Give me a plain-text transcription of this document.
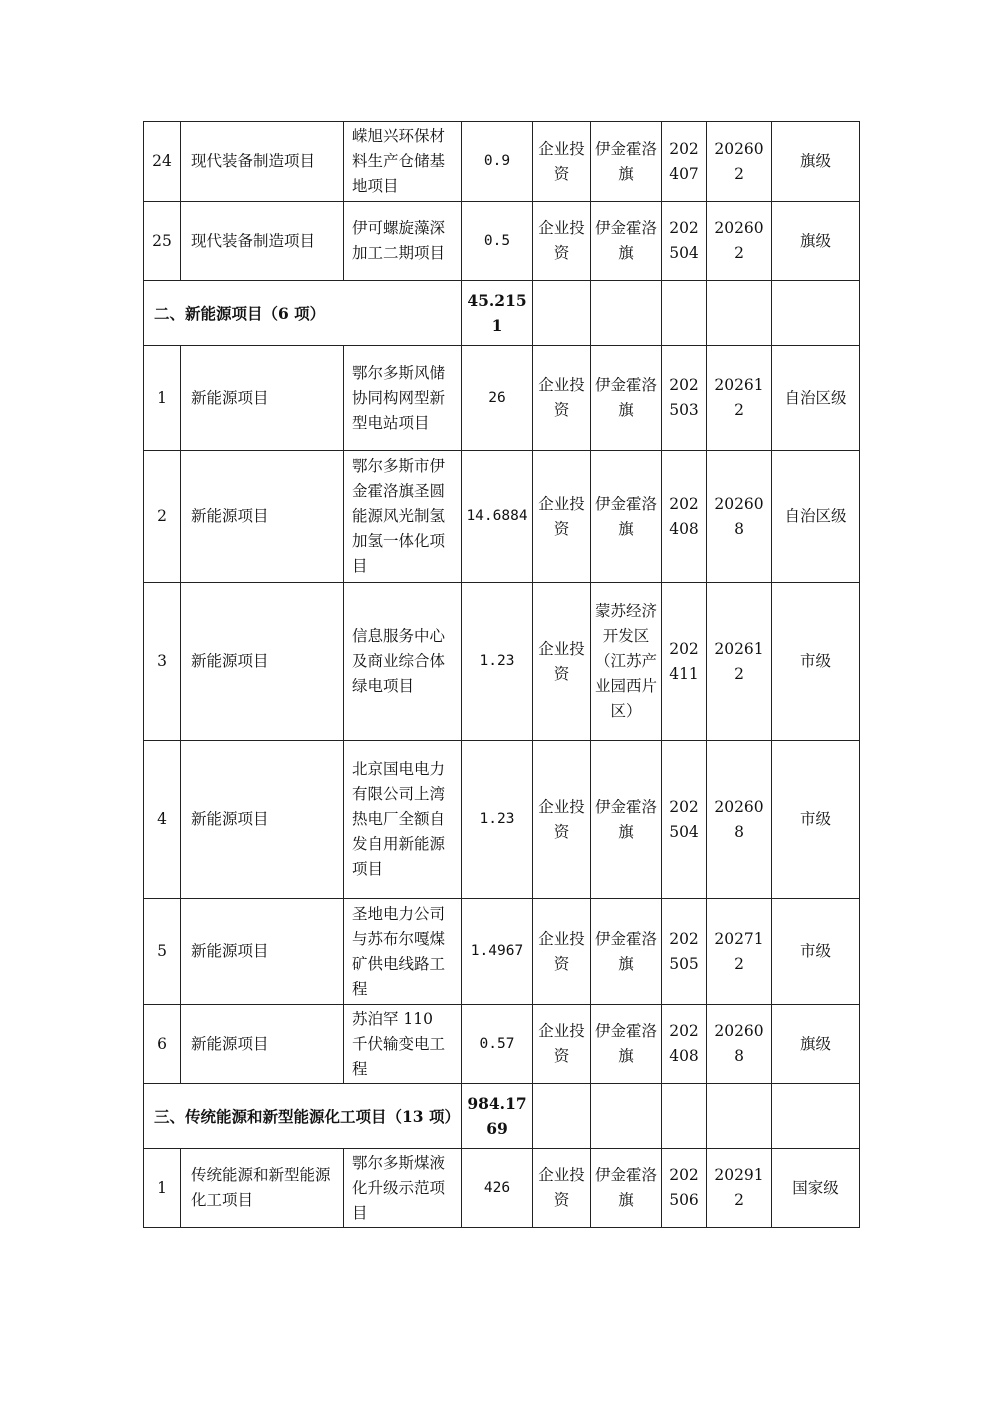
24	现代装备制造项目	嵘旭兴环保材料生产仓储基地项目	0.9	企业投资	伊金霍洛旗	202407	202602	旗级
25	现代装备制造项目	伊可螺旋藻深加工二期项目	0.5	企业投资	伊金霍洛旗	202504	202602	旗级
二、新能源项目（6 项）			45.2151					
1	新能源项目	鄂尔多斯风储协同构网型新型电站项目	26	企业投资	伊金霍洛旗	202503	202612	自治区级
2	新能源项目	鄂尔多斯市伊金霍洛旗圣圆能源风光制氢加氢一体化项目	14.6884	企业投资	伊金霍洛旗	202408	202608	自治区级
3	新能源项目	信息服务中心及商业综合体绿电项目	1.23	企业投资	蒙苏经济开发区（江苏产业园西片区）	202411	202612	市级
4	新能源项目	北京国电电力有限公司上湾热电厂全额自发自用新能源项目	1.23	企业投资	伊金霍洛旗	202504	202608	市级
5	新能源项目	圣地电力公司与苏布尔嘎煤矿供电线路工程	1.4967	企业投资	伊金霍洛旗	202505	202712	市级
6	新能源项目	苏泊罕 110 千伏输变电工程	0.57	企业投资	伊金霍洛旗	202408	202608	旗级
三、传统能源和新型能源化工项目（13 项）			984.1769					
1	传统能源和新型能源化工项目	鄂尔多斯煤液化升级示范项目	426	企业投资	伊金霍洛旗	202506	202912	国家级
